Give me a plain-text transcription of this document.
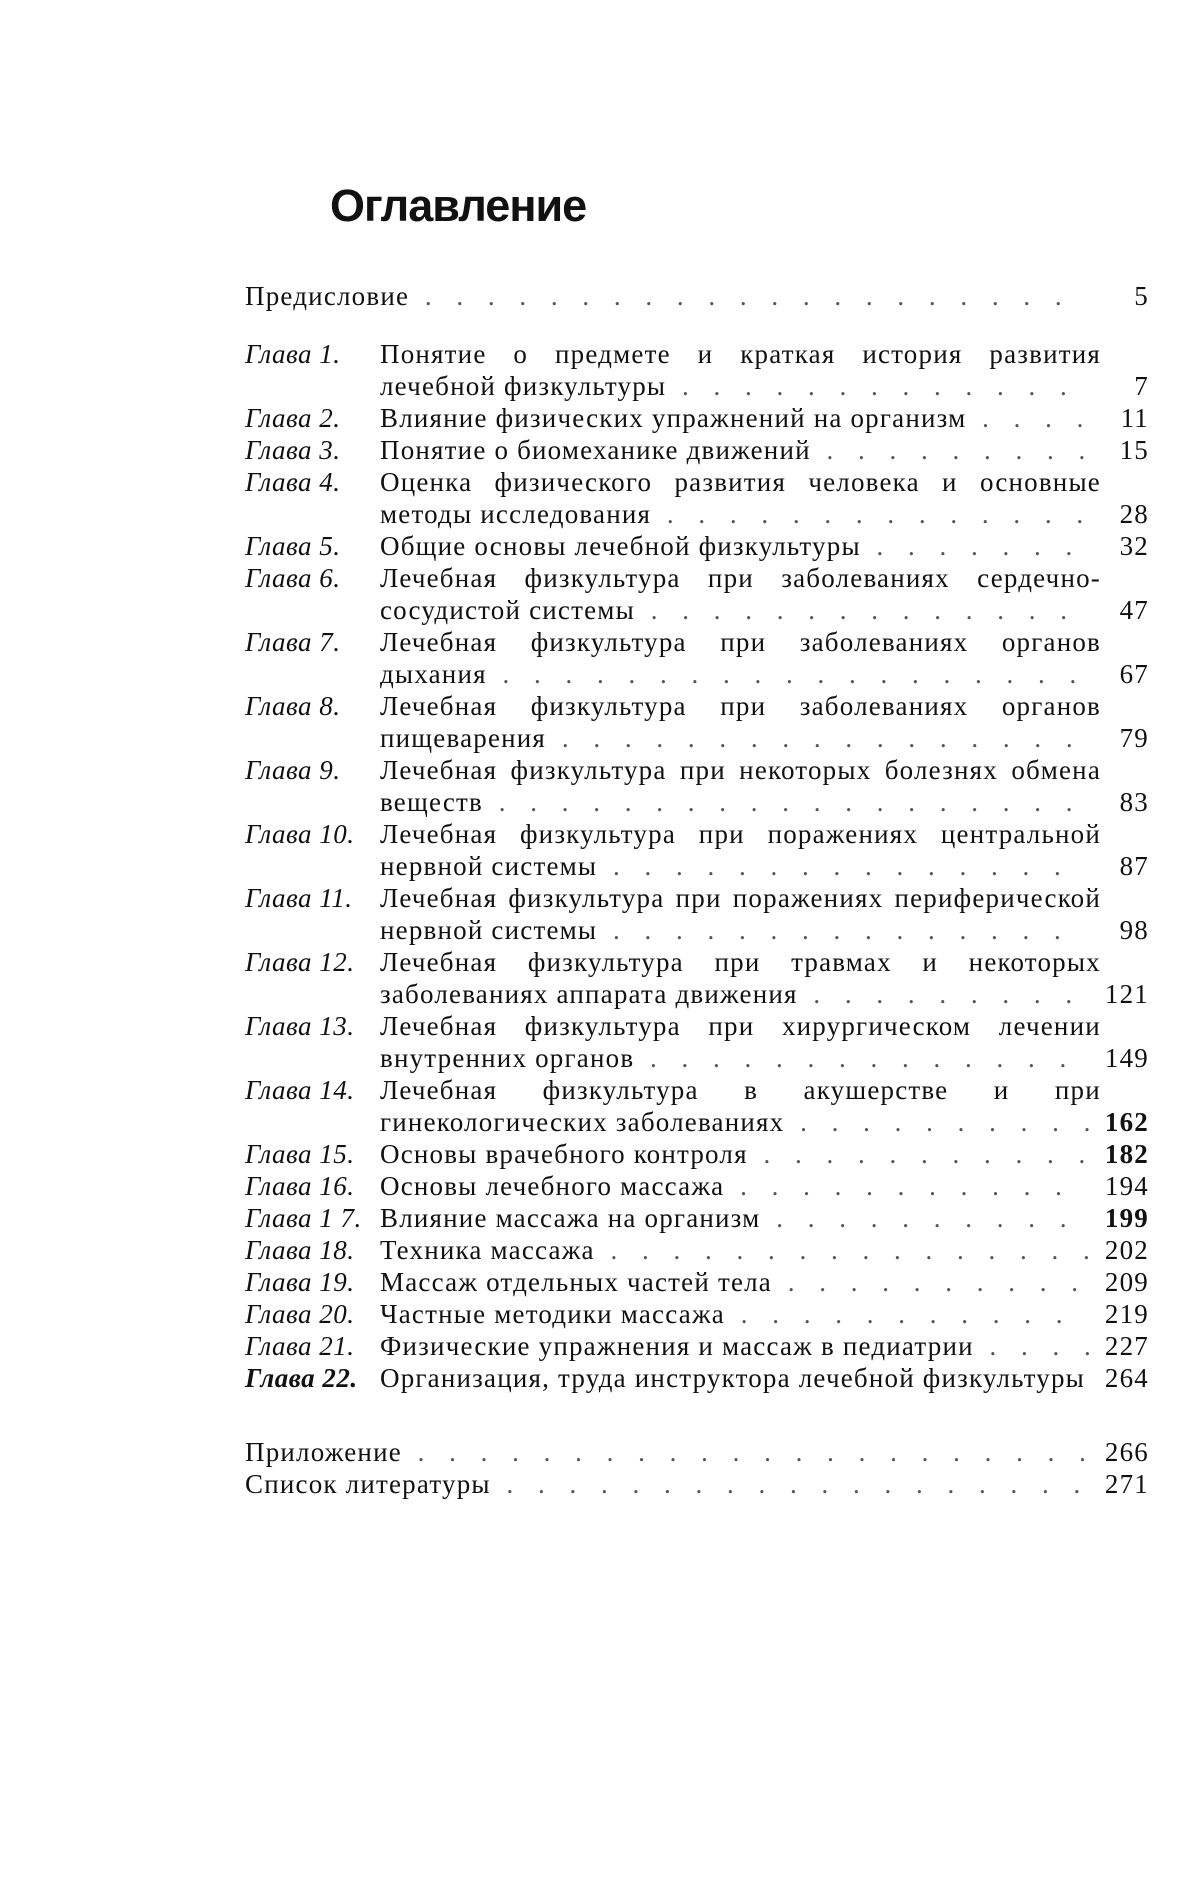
Оглавление
Предисловие . . . . . . . . . . . . . . . . . . . . .	5
Глава 1.	Понятие о предмете и краткая история развития лечебной физкультуры . . . . . . . . . . . . .	7
Глава 2.	Влияние физических упражнений на организм . . . .	11
Глава 3.	Понятие о биомеханике движений . . . . . . . . . 15
Глава 4.	Оценка физического развития человека и основные методы исследования . . . . . . . . . . . . . .	28
Глава 5.	Общие основы лечебной физкультуры . . . . . . .	32
Глава 6.	Лечебная физкультура при заболеваниях сердечно-сосудистой системы . . . . . . . . . . . . . .	47
Глава 7.	Лечебная физкультура при заболеваниях органов дыхания . . . . . . . . . . . . . . . . . . .	67
Глава 8.	Лечебная физкультура при заболеваниях органов пищеварения . . . . . . . . . . . . . . . . .	79
Глава 9.	Лечебная физкультура при некоторых болезнях обмена веществ . . . . . . . . . . . . . . . . . . .	83
Глава 10. Лечебная физкультура при поражениях центральной нервной системы . . . . . . . . . . . . . . .	87
Глава 11.	Лечебная физкультура при поражениях периферической нервной системы . . . . . . . . . . . . . . .	98
Глава 12. Лечебная физкультура при травмах и некоторых заболеваниях аппарата движения . . . . . . . . . 121
Глава 13. Лечебная физкультура при хирургическом лечении внутренних органов . . . . . . . . . . . . . .	149
Глава 14. Лечебная физкультура в акушерстве и при гинекологических заболеваниях . . . . . . . . . . 162
Глава 15. Основы врачебного контроля . . . . . . . . . . . 182
Глава 16. Основы лечебного массажа . . . . . . . . . . .	194
Глава 1 7. Влияние массажа на организм . . . . . . . . . .	199
Глава 18. Техника массажа . . . . . . . . . . . . . . . . 202
Глава 19. Массаж отдельных частей тела . . . . . . . . . . 209
Глава 20. Частные методики массажа . . . . . . . . . . .	219
Глава 21. Физические упражнения и массаж в педиатрии . . . . 227
Глава 22. Организация, труда инструктора лечебной физкультуры 264
Приложение . . . . . . . . . . . . . . . . . . . . . . 266
Список литературы . . . . . . . . . . . . . . . . . . . 271
